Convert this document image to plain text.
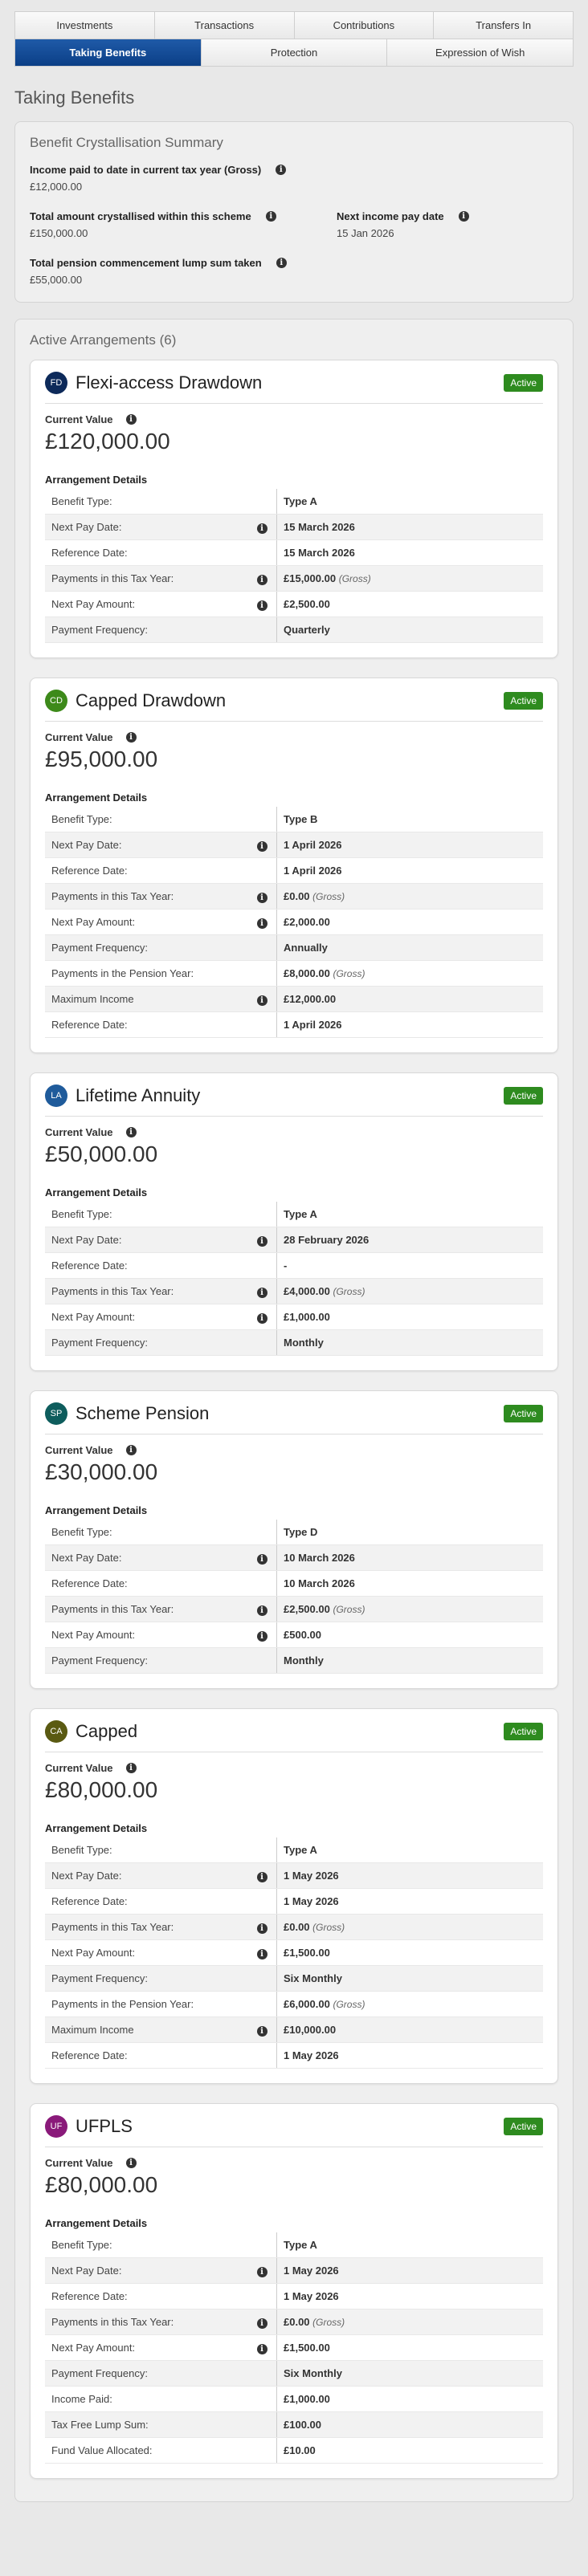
Investments	Transactions	Contributions	Transfers In
Taking Benefits	Protection	Expression of Wish
Taking Benefits
Benefit Crystallisation Summary
Income paid to date in current tax year (Gross)	i
£12,000.00
Total amount crystallised within this scheme	i
£150,000.00
Next income pay date	i
15 Jan 2026
Total pension commencement lump sum taken	i
£55,000.00
Active Arrangements (6)
FD Flexi-access Drawdown	Active
Current Value	i
£120,000.00
Arrangement Details
Benefit Type:		Type A
Next Pay Date:	i	15 March 2026
Reference Date:		15 March 2026
Payments in this Tax Year:	i	£15,000.00 (Gross)
Next Pay Amount:	i	£2,500.00
Payment Frequency:		Quarterly
CD Capped Drawdown	Active
Current Value	i
£95,000.00
Arrangement Details
Benefit Type:		Type B
Next Pay Date:	i	1 April 2026
Reference Date:		1 April 2026
Payments in this Tax Year:	i	£0.00 (Gross)
Next Pay Amount:	i	£2,000.00
Payment Frequency:		Annually
Payments in the Pension Year:		£8,000.00 (Gross)
Maximum Income	i	£12,000.00
Reference Date:		1 April 2026
LA Lifetime Annuity	Active
Current Value	i
£50,000.00
Arrangement Details
Benefit Type:		Type A
Next Pay Date:	i	28 February 2026
Reference Date:		-
Payments in this Tax Year:	i	£4,000.00 (Gross)
Next Pay Amount:	i	£1,000.00
Payment Frequency:		Monthly
SP Scheme Pension	Active
Current Value	i
£30,000.00
Arrangement Details
Benefit Type:		Type D
Next Pay Date:	i	10 March 2026
Reference Date:		10 March 2026
Payments in this Tax Year:	i	£2,500.00 (Gross)
Next Pay Amount:	i	£500.00
Payment Frequency:		Monthly
CA Capped	Active
Current Value	i
£80,000.00
Arrangement Details
Benefit Type:		Type A
Next Pay Date:	i	1 May 2026
Reference Date:		1 May 2026
Payments in this Tax Year:	i	£0.00 (Gross)
Next Pay Amount:	i	£1,500.00
Payment Frequency:		Six Monthly
Payments in the Pension Year:		£6,000.00 (Gross)
Maximum Income	i	£10,000.00
Reference Date:		1 May 2026
UF UFPLS	Active
Current Value	i
£80,000.00
Arrangement Details
Benefit Type:		Type A
Next Pay Date:	i	1 May 2026
Reference Date:		1 May 2026
Payments in this Tax Year:	i	£0.00 (Gross)
Next Pay Amount:	i	£1,500.00
Payment Frequency:		Six Monthly
Income Paid:		£1,000.00
Tax Free Lump Sum:		£100.00
Fund Value Allocated:		£10.00
